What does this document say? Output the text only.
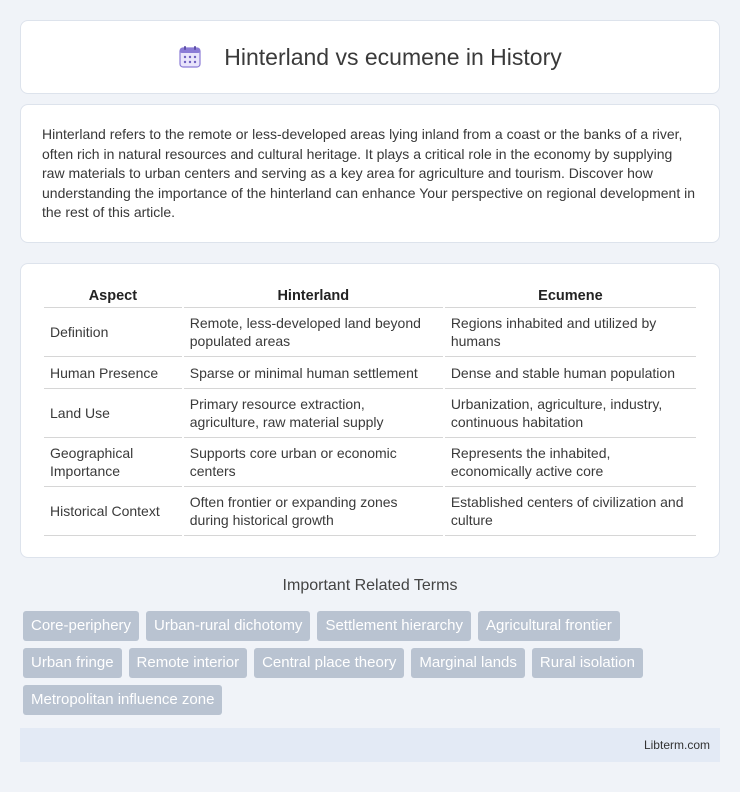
Hinterland vs ecumene in History

Hinterland refers to the remote or less-developed areas lying inland from a coast or the banks of a river, often rich in natural resources and cultural heritage. It plays a critical role in the economy by supplying raw materials to urban centers and serving as a key area for agriculture and tourism. Discover how understanding the importance of the hinterland can enhance Your perspective on regional development in the rest of this article.

Aspect	Hinterland	Ecumene
Definition	Remote, less-developed land beyond populated areas	Regions inhabited and utilized by humans
Human Presence	Sparse or minimal human settlement	Dense and stable human population
Land Use	Primary resource extraction, agriculture, raw material supply	Urbanization, agriculture, industry, continuous habitation
Geographical Importance	Supports core urban or economic centers	Represents the inhabited, economically active core
Historical Context	Often frontier or expanding zones during historical growth	Established centers of civilization and culture
Important Related Terms
Core-periphery	Urban-rural dichotomy	Settlement hierarchy	Agricultural frontier
Urban fringe	Remote interior	Central place theory	Marginal lands	Rural isolation
Metropolitan influence zone
Libterm.com
